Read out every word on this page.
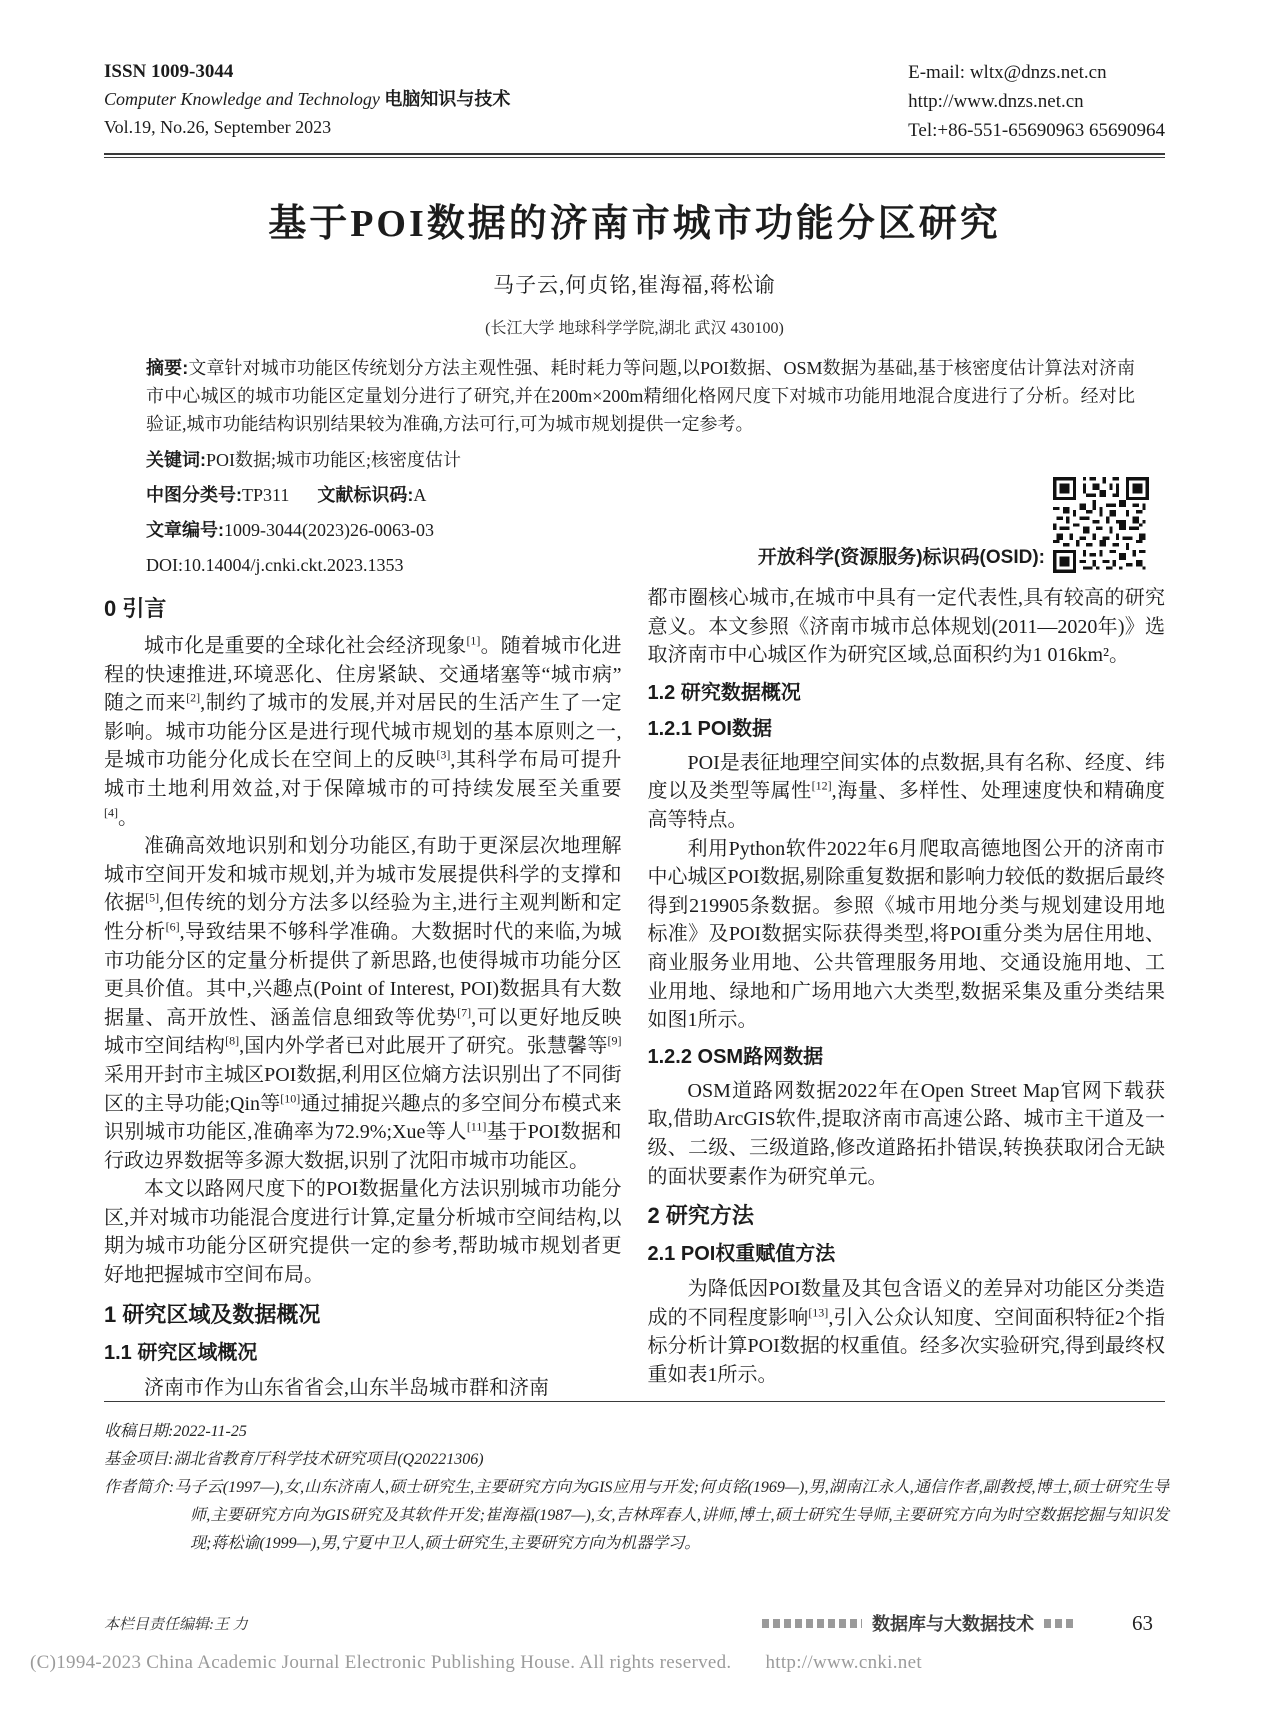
ISSN 1009-3044
Computer Knowledge and Technology 电脑知识与技术
Vol.19, No.26, September 2023
E-mail: wltx@dnzs.net.cn
http://www.dnzs.net.cn
Tel:+86-551-65690963 65690964
基于POI数据的济南市城市功能分区研究
马子云,何贞铭,崔海福,蒋松谕
(长江大学 地球科学学院,湖北 武汉 430100)
摘要:文章针对城市功能区传统划分方法主观性强、耗时耗力等问题,以POI数据、OSM数据为基础,基于核密度估计算法对济南市中心城区的城市功能区定量划分进行了研究,并在200m×200m精细化格网尺度下对城市功能用地混合度进行了分析。经对比验证,城市功能结构识别结果较为准确,方法可行,可为城市规划提供一定参考。
关键词:POI数据;城市功能区;核密度估计
中图分类号:TP311 文献标识码:A
文章编号:1009-3044(2023)26-0063-03
DOI:10.14004/j.cnki.ckt.2023.1353	开放科学(资源服务)标识码(OSID):
0 引言

城市化是重要的全球化社会经济现象[1]。随着城市化进程的快速推进,环境恶化、住房紧缺、交通堵塞等“城市病”随之而来[2],制约了城市的发展,并对居民的生活产生了一定影响。城市功能分区是进行现代城市规划的基本原则之一,是城市功能分化成长在空间上的反映[3],其科学布局可提升城市土地利用效益,对于保障城市的可持续发展至关重要[4]。

准确高效地识别和划分功能区,有助于更深层次地理解城市空间开发和城市规划,并为城市发展提供科学的支撑和依据[5],但传统的划分方法多以经验为主,进行主观判断和定性分析[6],导致结果不够科学准确。大数据时代的来临,为城市功能分区的定量分析提供了新思路,也使得城市功能分区更具价值。其中,兴趣点(Point of Interest, POI)数据具有大数据量、高开放性、涵盖信息细致等优势[7],可以更好地反映城市空间结构[8],国内外学者已对此展开了研究。张慧馨等[9]采用开封市主城区POI数据,利用区位熵方法识别出了不同街区的主导功能;Qin等[10]通过捕捉兴趣点的多空间分布模式来识别城市功能区,准确率为72.9%;Xue等人[11]基于POI数据和行政边界数据等多源大数据,识别了沈阳市城市功能区。

本文以路网尺度下的POI数据量化方法识别城市功能分区,并对城市功能混合度进行计算,定量分析城市空间结构,以期为城市功能分区研究提供一定的参考,帮助城市规划者更好地把握城市空间布局。

1 研究区域及数据概况
1.1 研究区域概况

济南市作为山东省省会,山东半岛城市群和济南

都市圈核心城市,在城市中具有一定代表性,具有较高的研究意义。本文参照《济南市城市总体规划(2011—2020年)》选取济南市中心城区作为研究区域,总面积约为1 016km²。

1.2 研究数据概况
1.2.1 POI数据

POI是表征地理空间实体的点数据,具有名称、经度、纬度以及类型等属性[12],海量、多样性、处理速度快和精确度高等特点。

利用Python软件2022年6月爬取高德地图公开的济南市中心城区POI数据,剔除重复数据和影响力较低的数据后最终得到219905条数据。参照《城市用地分类与规划建设用地标准》及POI数据实际获得类型,将POI重分类为居住用地、商业服务业用地、公共管理服务用地、交通设施用地、工业用地、绿地和广场用地六大类型,数据采集及重分类结果如图1所示。

1.2.2 OSM路网数据

OSM道路网数据2022年在Open Street Map官网下载获取,借助ArcGIS软件,提取济南市高速公路、城市主干道及一级、二级、三级道路,修改道路拓扑错误,转换获取闭合无缺的面状要素作为研究单元。

2 研究方法
2.1 POI权重赋值方法

为降低因POI数量及其包含语义的差异对功能区分类造成的不同程度影响[13],引入公众认知度、空间面积特征2个指标分析计算POI数据的权重值。经多次实验研究,得到最终权重如表1所示。

收稿日期:2022-11-25
基金项目:湖北省教育厅科学技术研究项目(Q20221306)
作者简介:马子云(1997—),女,山东济南人,硕士研究生,主要研究方向为GIS应用与开发;何贞铭(1969—),男,湖南江永人,通信作者,副教授,博士,硕士研究生导师,主要研究方向为GIS研究及其软件开发;崔海福(1987—),女,吉林珲春人,讲师,博士,硕士研究生导师,主要研究方向为时空数据挖掘与知识发现;蒋松谕(1999—),男,宁夏中卫人,硕士研究生,主要研究方向为机器学习。
本栏目责任编辑:王 力	数据库与大数据技术	63
(C)1994-2023 China Academic Journal Electronic Publishing House. All rights reserved. http://www.cnki.net
